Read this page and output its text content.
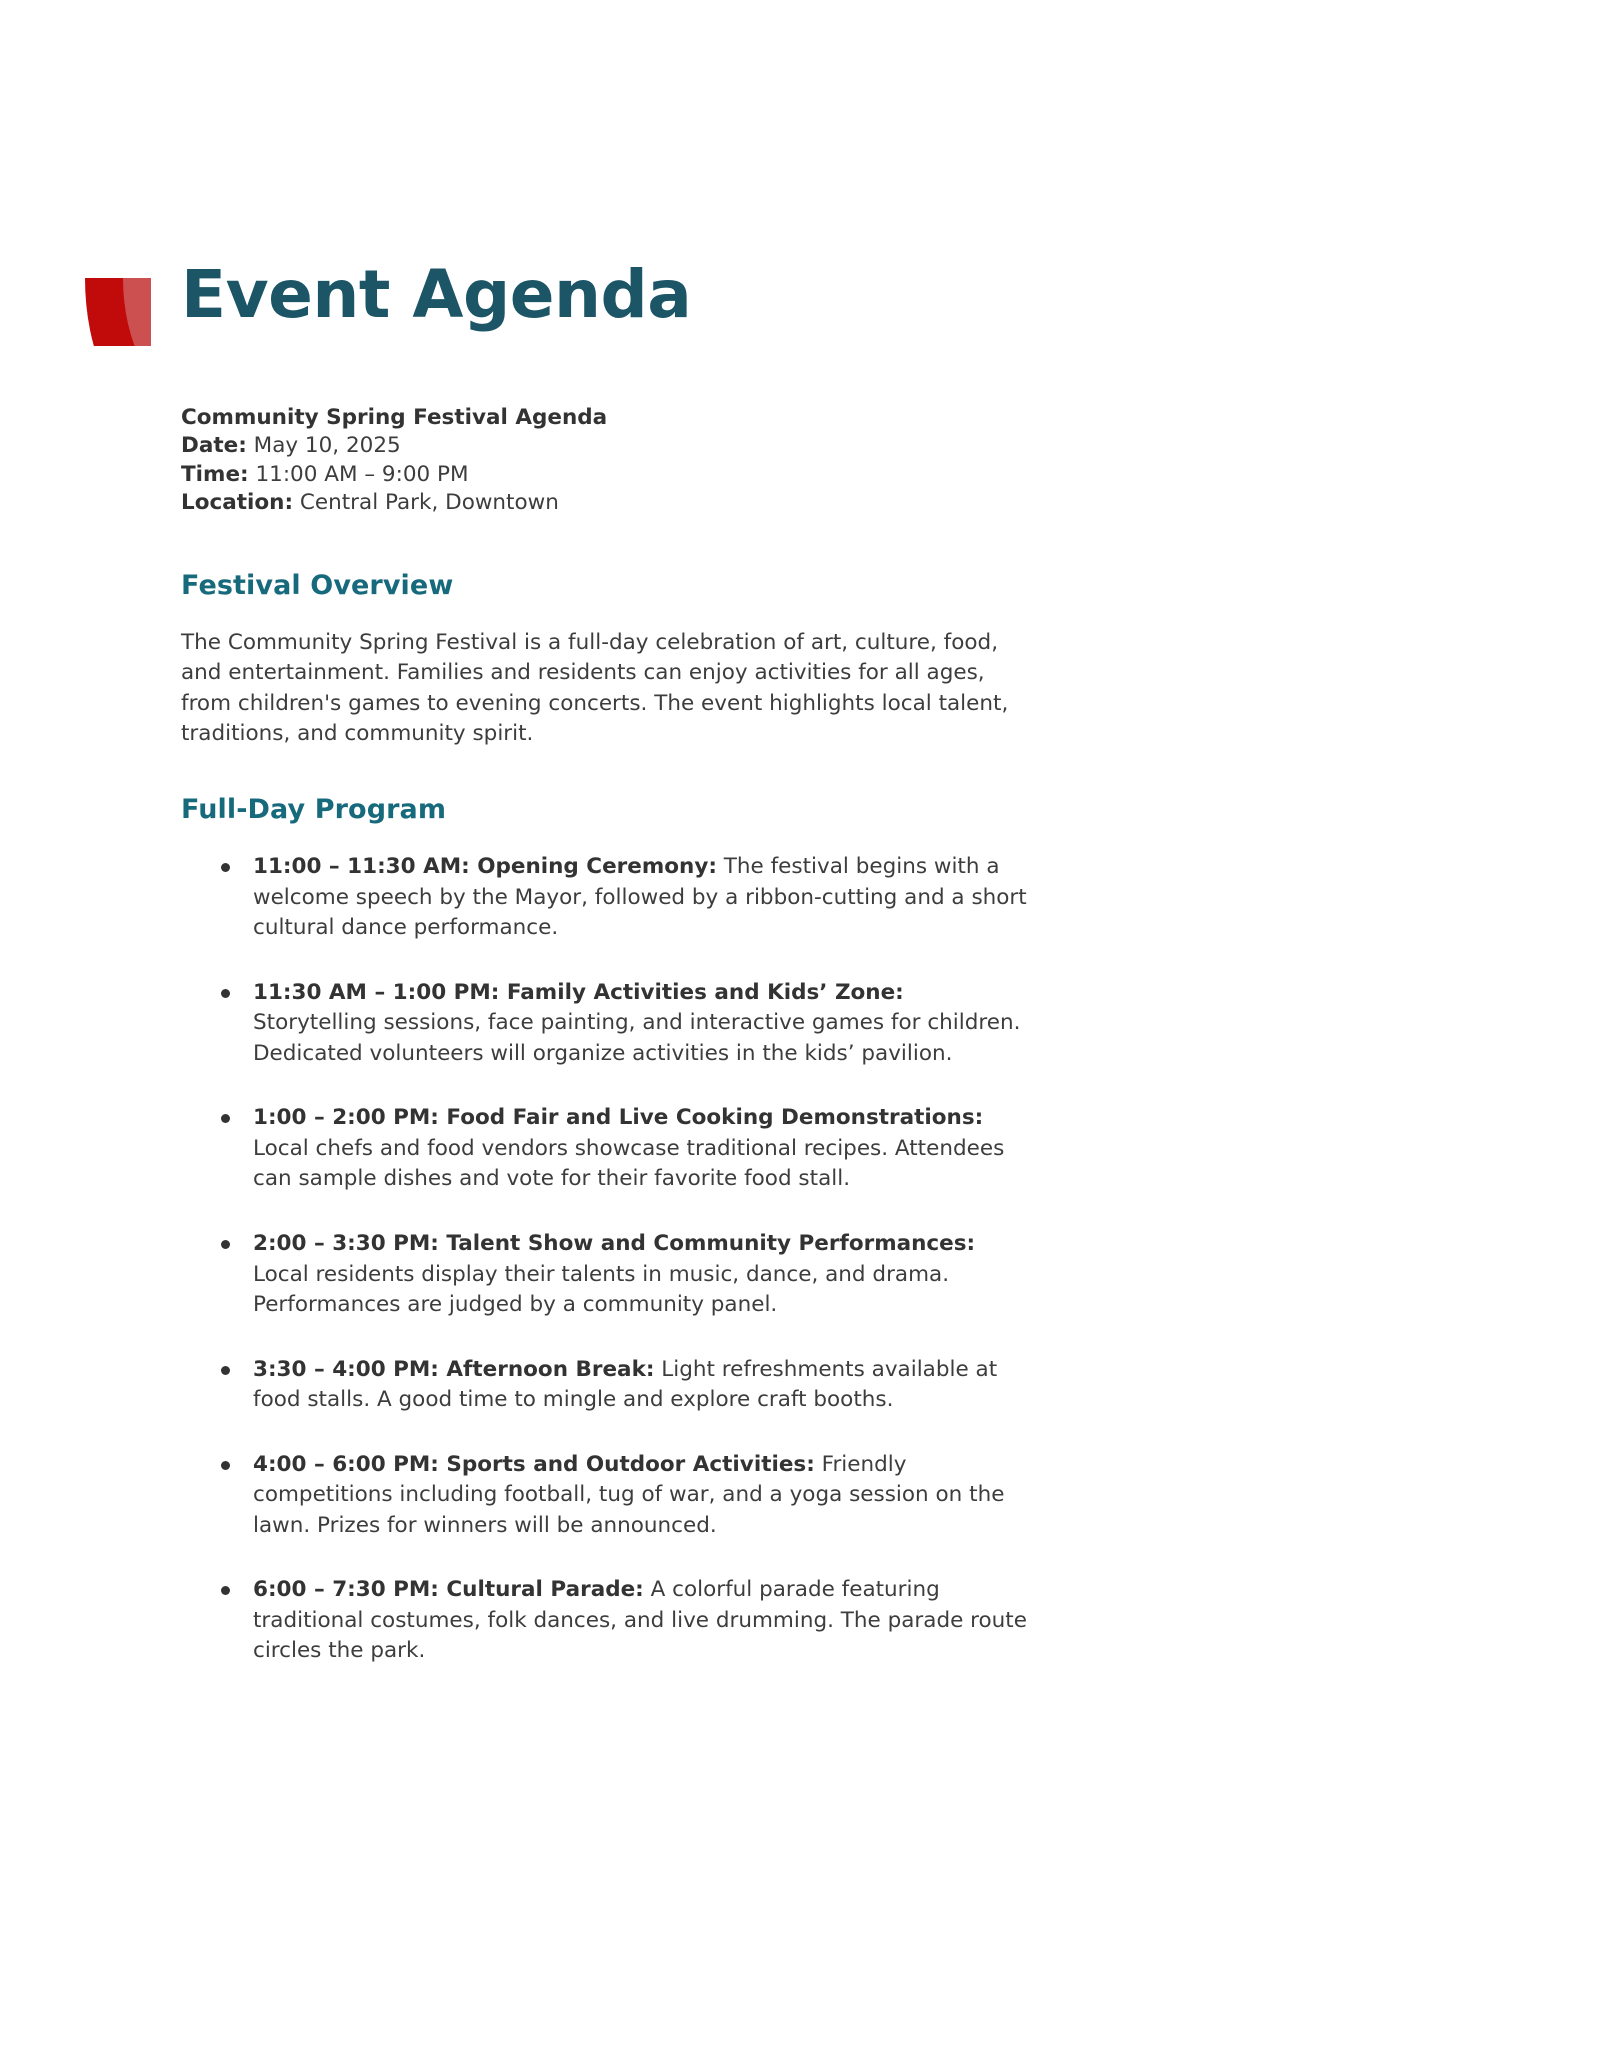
Event Agenda
Community Spring Festival Agenda
Date: May 10, 2025
Time: 11:00 AM – 9:00 PM
Location: Central Park, Downtown
Festival Overview

The Community Spring Festival is a full-day celebration of art, culture, food, and entertainment. Families and residents can enjoy activities for all ages, from children's games to evening concerts. The event highlights local talent, traditions, and community spirit.

Full-Day Program
11:00 – 11:30 AM: Opening Ceremony: The festival begins with a welcome speech by the Mayor, followed by a ribbon-cutting and a short cultural dance performance.
11:30 AM – 1:00 PM: Family Activities and Kids’ Zone: Storytelling sessions, face painting, and interactive games for children. Dedicated volunteers will organize activities in the kids’ pavilion.
1:00 – 2:00 PM: Food Fair and Live Cooking Demonstrations: Local chefs and food vendors showcase traditional recipes. Attendees can sample dishes and vote for their favorite food stall.
2:00 – 3:30 PM: Talent Show and Community Performances: Local residents display their talents in music, dance, and drama. Performances are judged by a community panel.
3:30 – 4:00 PM: Afternoon Break: Light refreshments available at food stalls. A good time to mingle and explore craft booths.
4:00 – 6:00 PM: Sports and Outdoor Activities: Friendly competitions including football, tug of war, and a yoga session on the lawn. Prizes for winners will be announced.
6:00 – 7:30 PM: Cultural Parade: A colorful parade featuring traditional costumes, folk dances, and live drumming. The parade route circles the park.
